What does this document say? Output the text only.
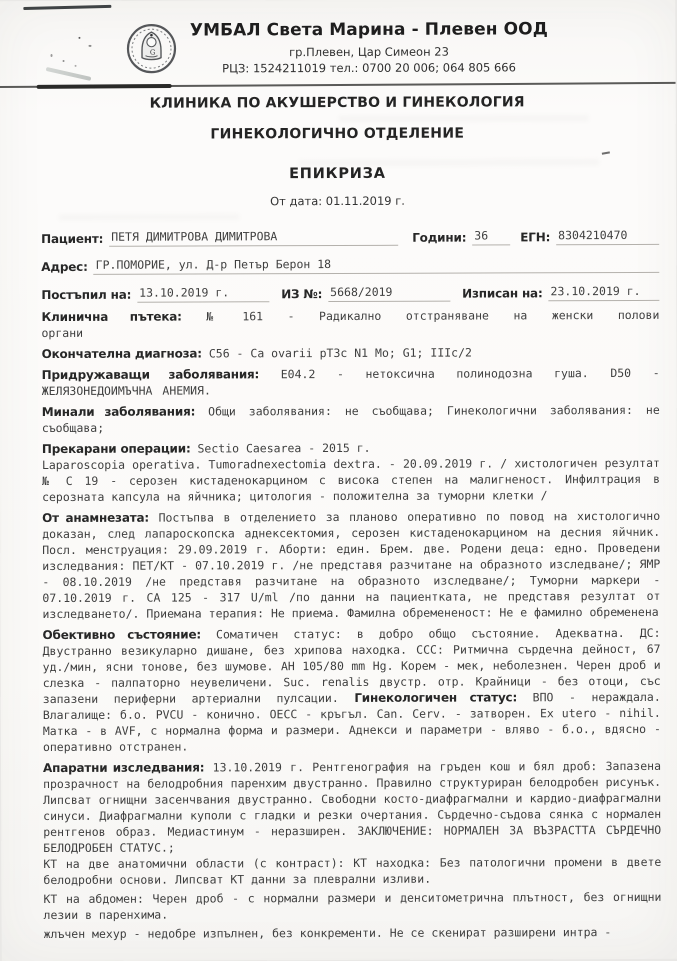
G
УМБАЛ Света Марина - Плевен ООД
гр.Плевен, Цар Симеон 23
РЦЗ: 1524211019 тел.: 0700 20 006; 064 805 666
КЛИНИКА ПО АКУШЕРСТВО И ГИНЕКОЛОГИЯ
ГИНЕКОЛОГИЧНО ОТДЕЛЕНИЕ
ЕПИКРИЗА
От дата: 01.11.2019 г.
Пациент: ПЕТЯ ДИМИТРОВА ДИМИТРОВА	Години: 36	ЕГН: 8304210470
Адрес: ГР.ПОМОРИЕ, ул. Д-р Петър Берон 18
Постъпил на: 13.10.2019 г.	ИЗ №: 5668/2019	Изписан на: 23.10.2019 г.

Клинична пътека: № 161 - Радикално отстраняване на женски полови органи

Окончателна диагноза: C56 - Ca ovarii pT3c N1 Mo; G1; IIIc/2

Придружаващи заболявания: E04.2 - нетоксична полинодозна гуша. D50 - ЖЕЛЯЗОНЕДОИМЪЧНА АНЕМИЯ.

Минали заболявания: Общи заболявания: не съобщава; Гинекологични заболявания: не съобщава;

Прекарани операции: Sectio Caesarea - 2015 г.

Laparoscopia operativa. Tumoradnexectomia dextra. - 20.09.2019 г. / хистологичен резултат № C 19 - серозен кистаденокарцином с висока степен на малигненост. Инфилтрация в серозната капсула на яйчника; цитология - положителна за туморни клетки /

От анамнезата: Постъпва в отделението за планово оперативно по повод на хистологично доказан, след лапароскопска аднексектомия, серозен кистаденокарцином на десния яйчник. Посл. менструация: 29.09.2019 г. Аборти: един. Брем. две. Родени деца: едно. Проведени изследвания: ПЕТ/КТ - 07.10.2019 г. /не представя разчитане на образното изследване/; ЯМР - 08.10.2019 /не представя разчитане на образното изследване/; Туморни маркери - 07.10.2019 г. CA 125 - 317 U/ml /по данни на пациентката, не представя резултат от изследването/. Приемана терапия: Не приема. Фамилна обремененост: Не е фамилно обременена

Обективно състояние: Соматичен статус: в добро общо състояние. Адекватна. ДС: Двустранно везикуларно дишане, без хрипова находка. ССС: Ритмична сърдечна дейност, 67 уд./мин, ясни тонове, без шумове. АН 105/80 mm Hg. Корем - мек, неболезнен. Черен дроб и слезка - палпаторно неувеличени. Suc. renalis двустр. отр. Крайници - без отоци, със запазени периферни артериални пулсации. Гинекологичен статус: ВПО - нераждала. Влагалище: б.о. PVCU - конично. ОЕСС - кръгъл. Can. Cerv. - затворен. Ex utero - nihil. Матка - в AVF, с нормална форма и размери. Аднекси и параметри - вляво - б.о., вдясно - оперативно отстранен.

Апаратни изследвания: 13.10.2019 г. Рентгенография на гръден кош и бял дроб: Запазена прозрачност на белодробния паренхим двустранно. Правилно структуриран белодробен рисунък. Липсват огнищни засенчвания двустранно. Свободни косто-диафрагмални и кардио-диафрагмални синуси. Диафрагмални куполи с гладки и резки очертания. Сърдечно-съдова сянка с нормален рентгенов образ. Медиастинум - неразширен. ЗАКЛЮЧЕНИЕ: НОРМАЛЕН ЗА ВЪЗРАСТТА СЪРДЕЧНО БЕЛОДРОБЕН СТАТУС.;

КТ на две анатомични области (с контраст): КТ находка: Без патологични промени в двете белодробни основи. Липсват КТ данни за плеврални изливи.

КТ на абдомен: Черен дроб - с нормални размери и денситометрична плътност, без огнищни лезии в паренхима.

жлъчен мехур - недобре изпълнен, без конкременти. Не се скенират разширени интра -
